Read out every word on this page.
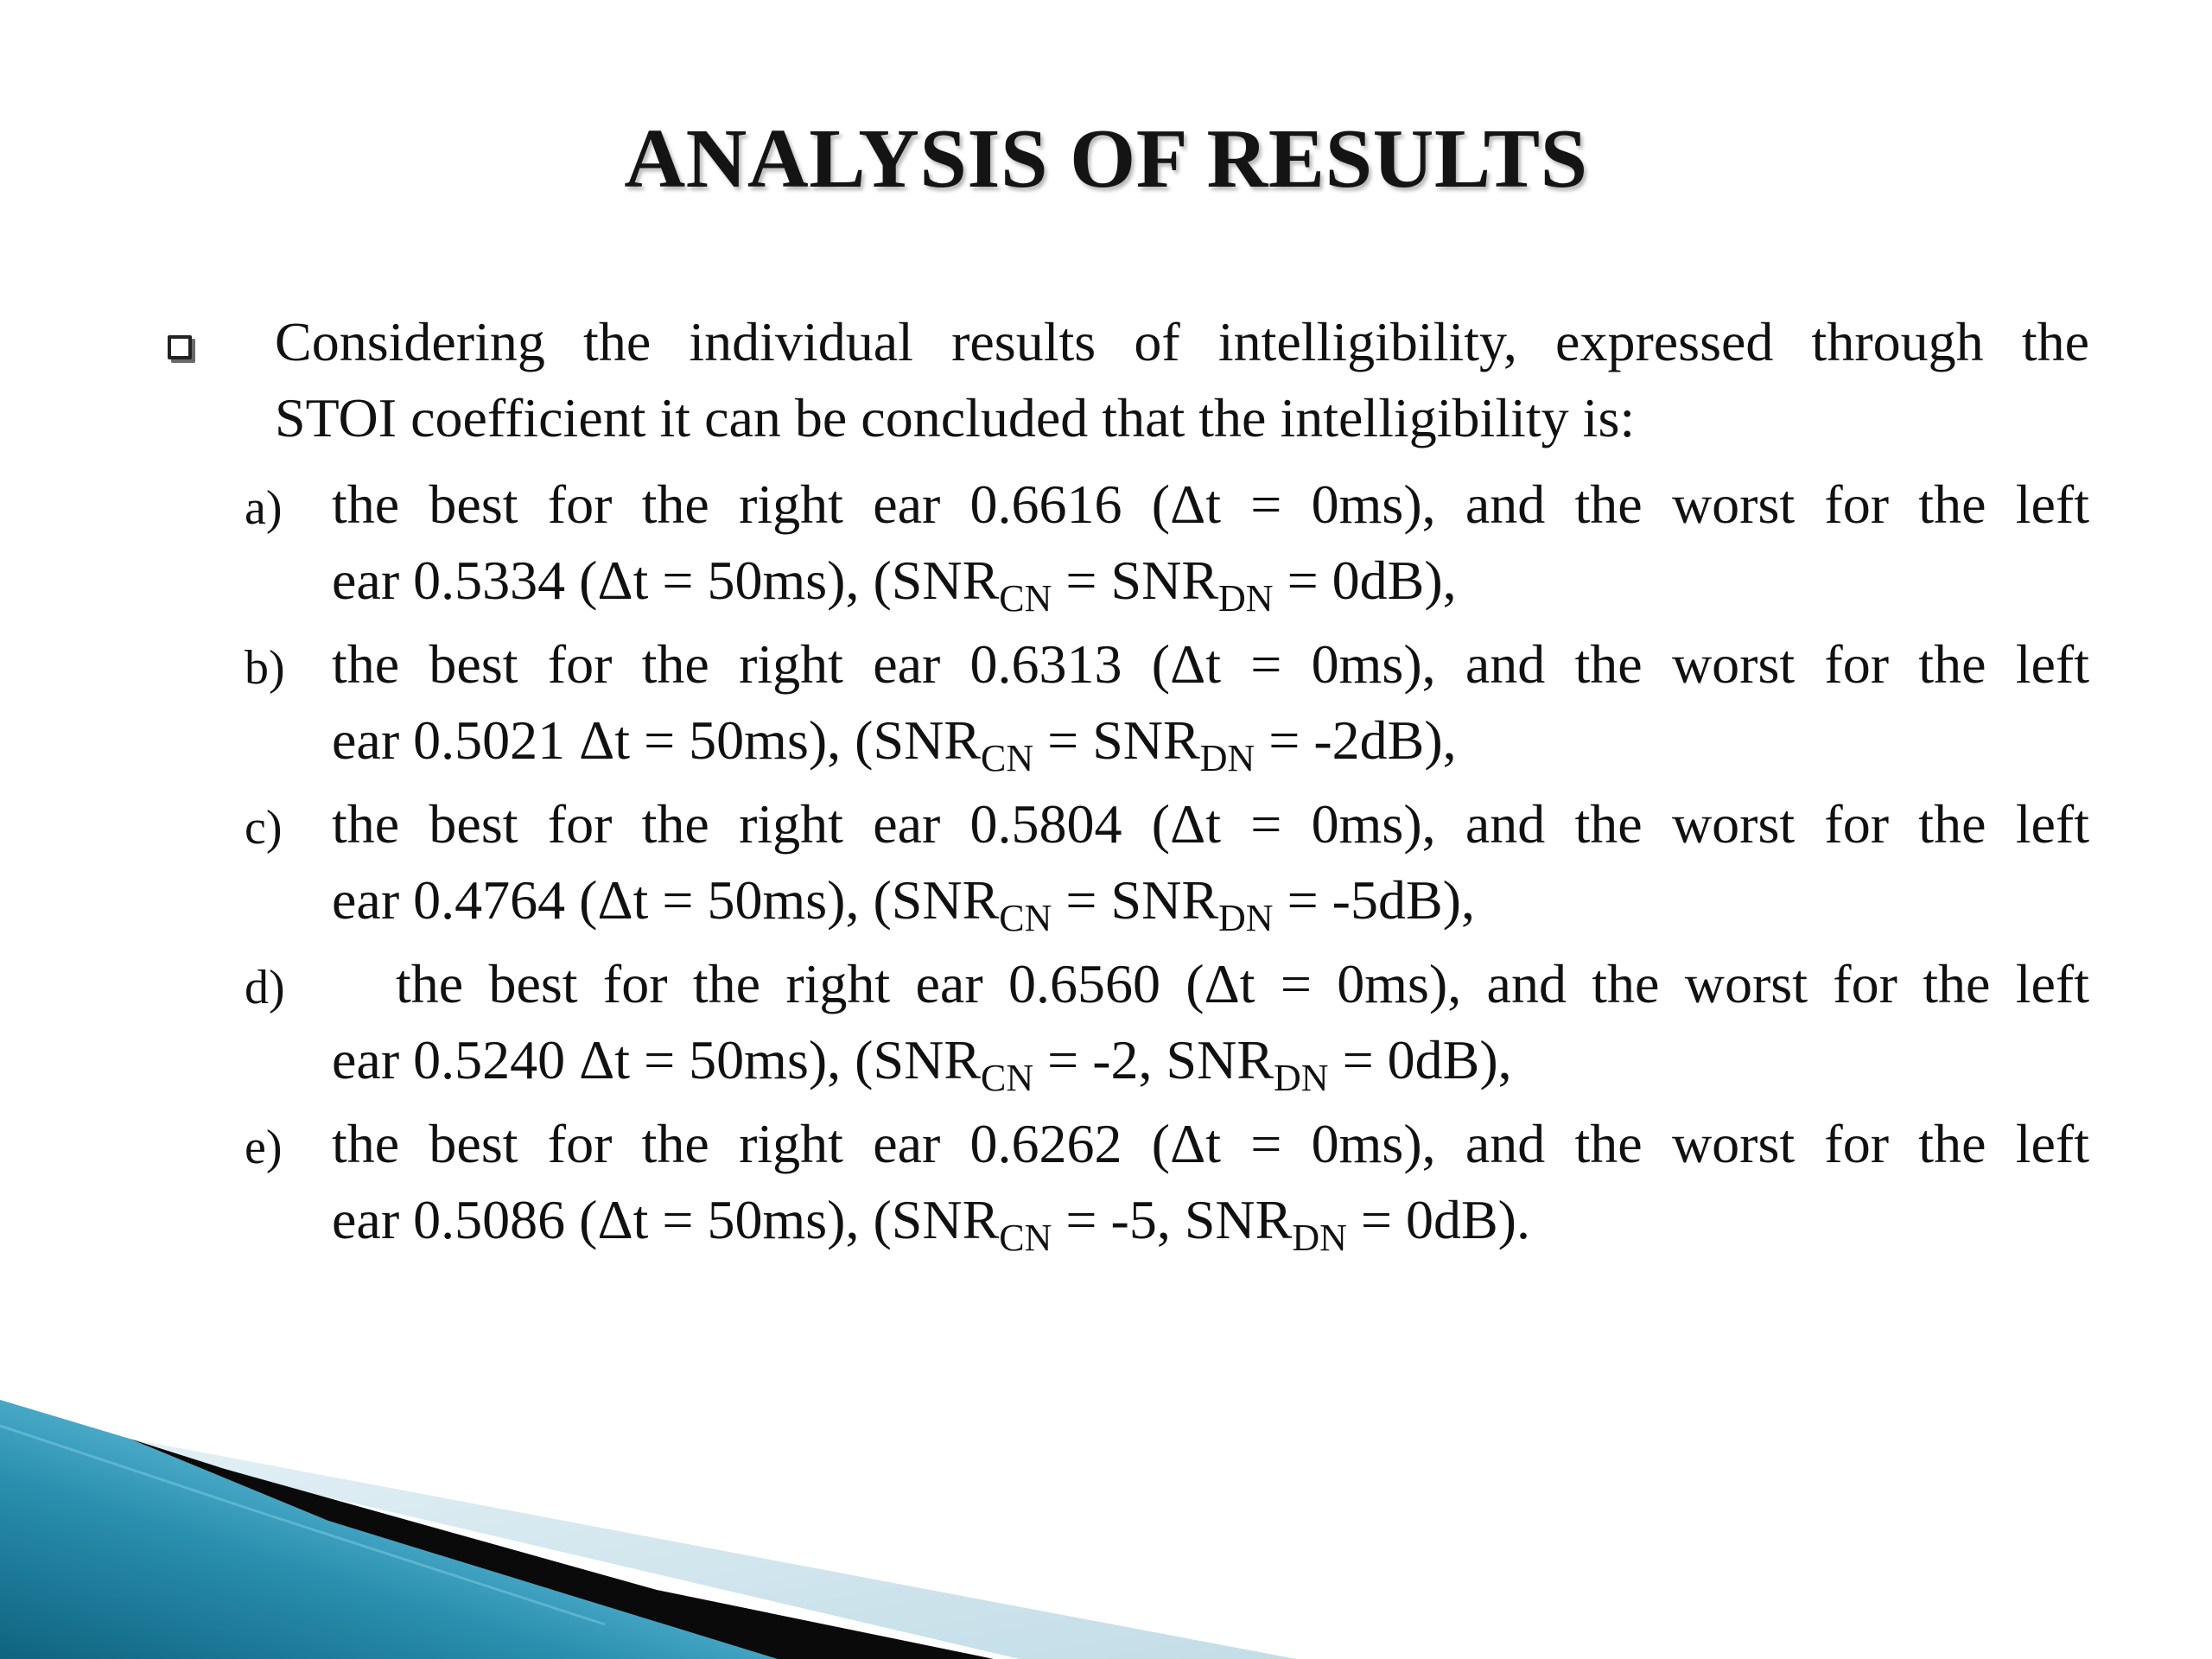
ANALYSIS OF RESULTS

Considering the individual results of intelligibility, expressed through the
STOI coefficient it can be concluded that the intelligibility is:

a) the best for the right ear 0.6616 (Δt = 0ms), and the worst for the left
ear 0.5334 (Δt = 50ms), $(SNR_{CN} = SNR_{DN} = 0dB)$,

b) the best for the right ear 0.6313 (Δt = 0ms), and the worst for the left
ear 0.5021 Δt = 50ms), $(SNR_{CN} = SNR_{DN} = -2dB)$,

c) the best for the right ear 0.5804 (Δt = 0ms), and the worst for the left
ear 0.4764 (Δt = 50ms), $(SNR_{CN} = SNR_{DN} = -5dB)$,

d)	the best for the right ear 0.6560 (Δt = 0ms), and the worst for the left
ear 0.5240 Δt = 50ms), ($SNR_{CN} = -2$, $SNR_{DN} = 0dB$),

e) the best for the right ear 0.6262 (Δt = 0ms), and the worst for the left
ear 0.5086 (Δt = 50ms), ($SNR_{CN} = -5$, $SNR_{DN} = 0dB$).
